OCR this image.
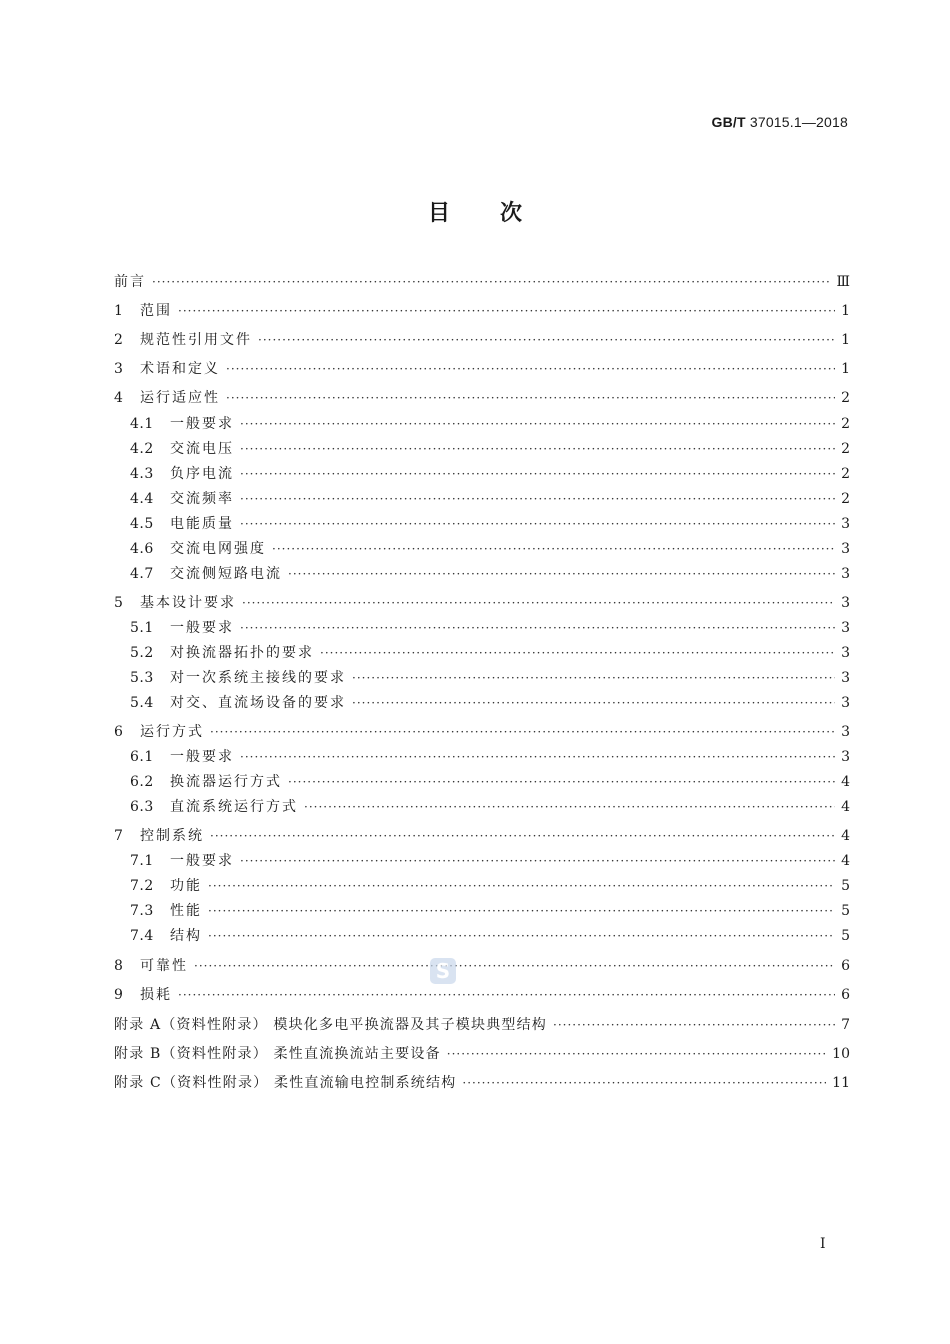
GB/T 37015.1—2018
目次
前言 ·····	Ⅲ
1	范围 ·····	1
2	规范性引用文件 ·····	1
3	术语和定义 ·····	1
4	运行适应性 ·····	2
4.1	一般要求 ·····	2
4.2	交流电压 ·····	2
4.3	负序电流 ·····	2
4.4	交流频率 ·····	2
4.5	电能质量 ·····	3
4.6	交流电网强度 ·····	3
4.7	交流侧短路电流 ·····	3
5	基本设计要求 ·····	3
5.1	一般要求 ·····	3
5.2	对换流器拓扑的要求 ·····	3
5.3	对一次系统主接线的要求 ·····	3
5.4	对交、直流场设备的要求 ·····	3
6	运行方式 ·····	3
6.1	一般要求 ·····	3
6.2	换流器运行方式 ·····	4
6.3	直流系统运行方式 ·····	4
7	控制系统 ·····	4
7.1	一般要求 ·····	4
7.2	功能 ·····	5
7.3	性能 ·····	5
7.4	结构 ·····	5
8	可靠性 ·····	6
9	损耗 ·····	6
附录 A（资料性附录） 模块化多电平换流器及其子模块典型结构 ·····	7
附录 B（资料性附录） 柔性直流换流站主要设备 ·····	10
附录 C（资料性附录） 柔性直流输电控制系统结构 ·····	11
S
I
